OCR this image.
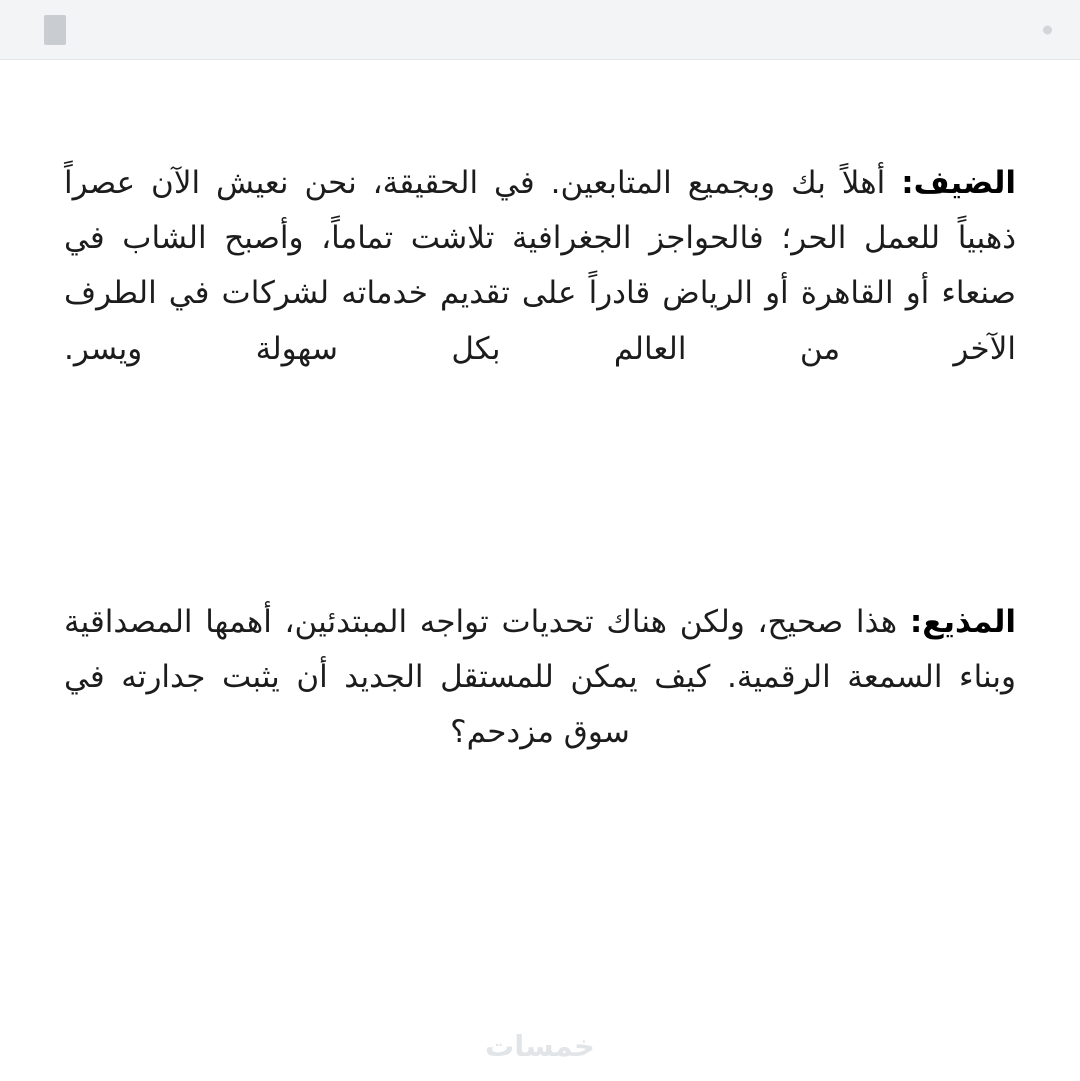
الضيف: أهلاً بك وبجميع المتابعين. في الحقيقة، نحن نعيش الآن عصراً ذهبياً للعمل الحر؛ فالحواجز الجغرافية تلاشت تماماً، وأصبح الشاب في صنعاء أو القاهرة أو الرياض قادراً على تقديم خدماته لشركات في الطرف الآخر من العالم بكل سهولة ويسر.

المذيع: هذا صحيح، ولكن هناك تحديات تواجه المبتدئين، أهمها المصداقية وبناء السمعة الرقمية. كيف يمكن للمستقل الجديد أن يثبت جدارته في سوق مزدحم؟

خمسات
